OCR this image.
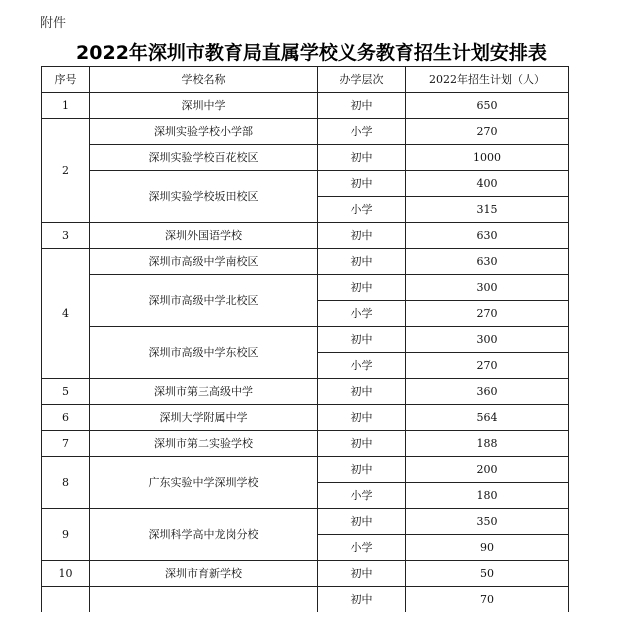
附件
2022年深圳市教育局直属学校义务教育招生计划安排表
序号	学校名称	办学层次	2022年招生计划（人）
1	深圳中学	初中	650
2	深圳实验学校小学部	小学	270
	深圳实验学校百花校区	初中	1000
	深圳实验学校坂田校区	初中	400
		小学	315
3	深圳外国语学校	初中	630
4	深圳市高级中学南校区	初中	630
	深圳市高级中学北校区	初中	300
		小学	270
	深圳市高级中学东校区	初中	300
		小学	270
5	深圳市第三高级中学	初中	360
6	深圳大学附属中学	初中	564
7	深圳市第二实验学校	初中	188
8	广东实验中学深圳学校	初中	200
		小学	180
9	深圳科学高中龙岗分校	初中	350
		小学	90
10	深圳市育新学校	初中	50
		初中	70
